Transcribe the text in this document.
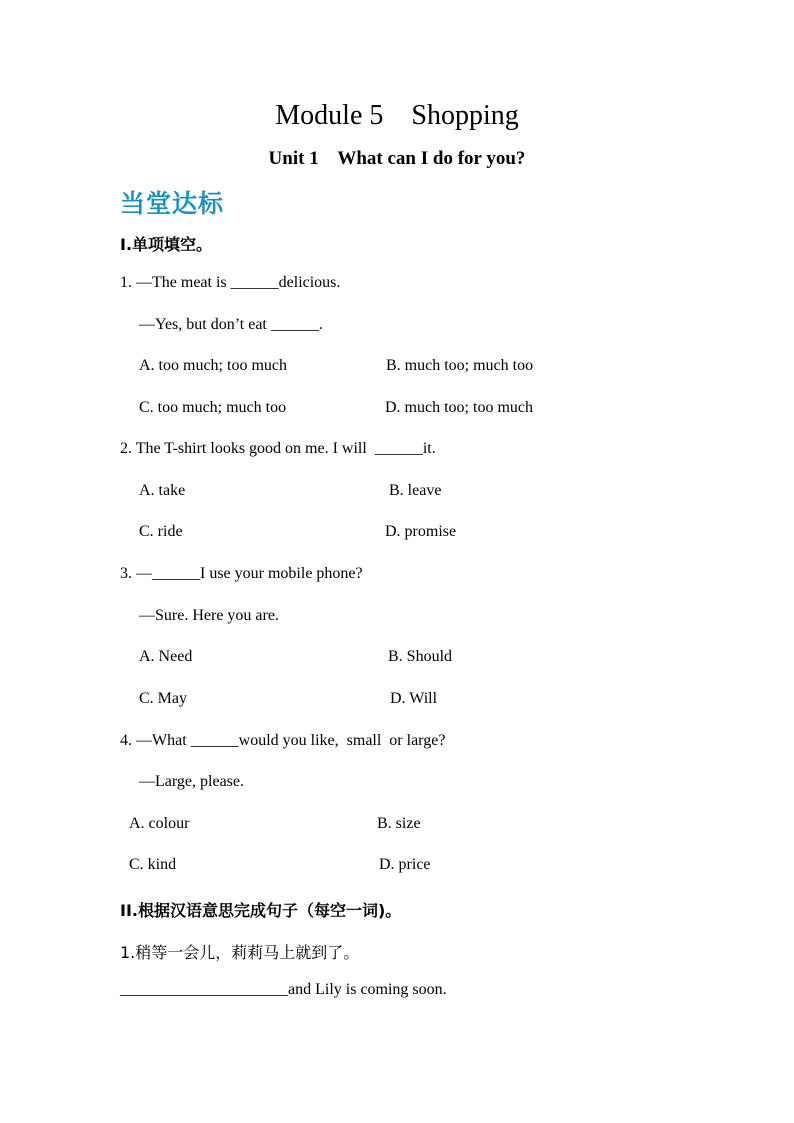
Module 5    Shopping
Unit 1    What can I do for you?
当堂达标
I.单项填空。
1. —The meat is ______delicious.
—Yes, but don’t eat ______.
A. too much; too much	B. much too; much too
C. too much; much too	D. much too; too much
2. The T-shirt looks good on me. I will  ______it.
A. take	B. leave
C. ride	D. promise
3. —______I use your mobile phone?
—Sure. Here you are.
A. Need	B. Should
C. May	D. Will
4. —What ______would you like,  small  or large?
—Large, please.
A. colour	B. size
C. kind	D. price
II.根据汉语意思完成句子（每空一词)。
1.稍等一会儿，莉莉马上就到了。
_____________________and Lily is coming soon.
